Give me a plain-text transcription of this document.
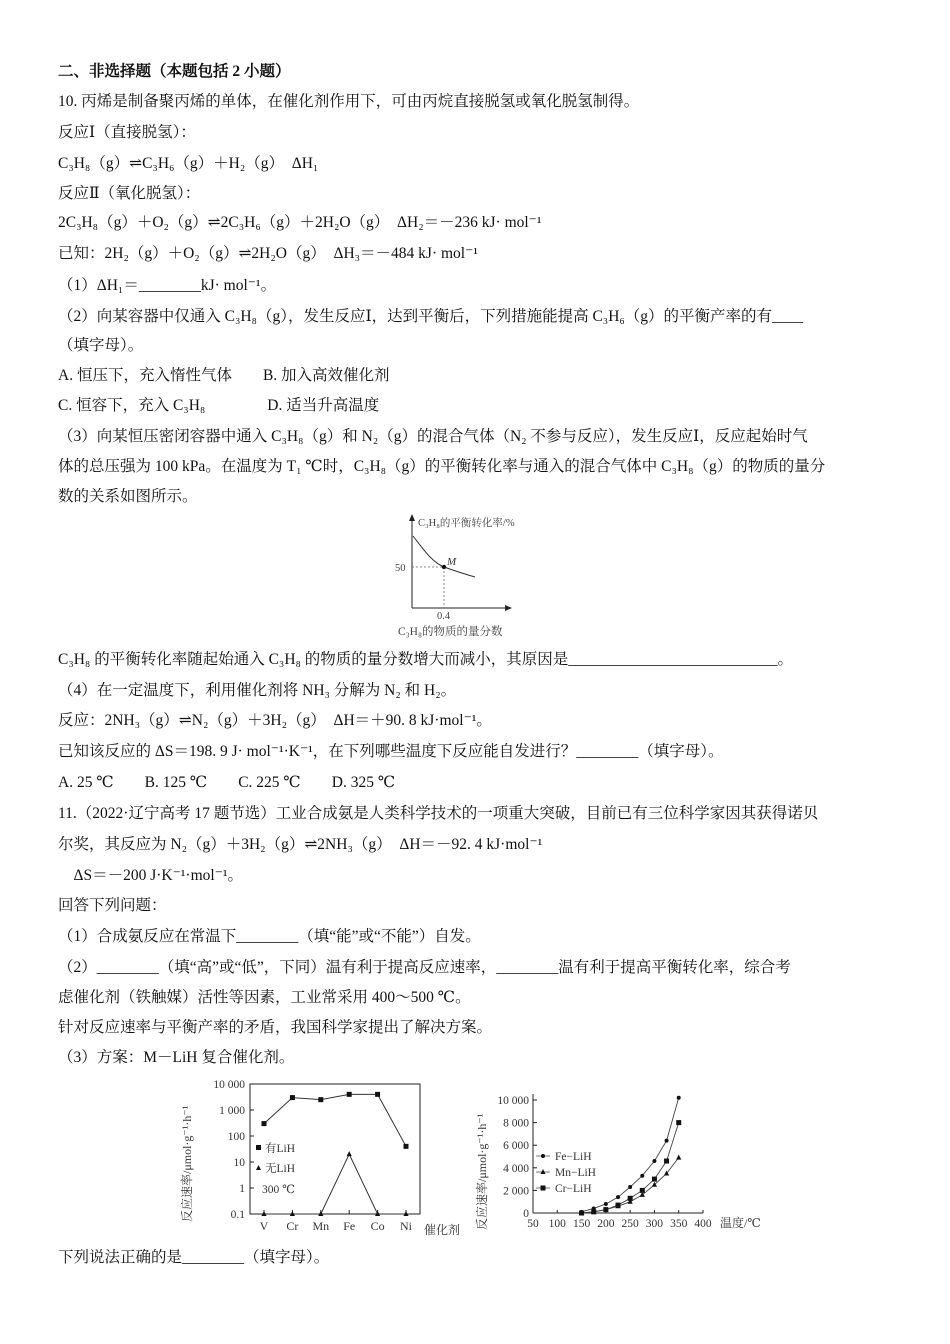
二、非选择题（本题包括 2 小题）
10. 丙烯是制备聚丙烯的单体，在催化剂作用下，可由丙烷直接脱氢或氧化脱氢制得。
反应Ⅰ（直接脱氢）：
C₃H₈（g）⇌C₃H₆（g）＋H₂（g）　ΔH₁
反应Ⅱ（氧化脱氢）：
2C₃H₈（g）＋O₂（g）⇌2C₃H₆（g）＋2H₂O（g）　ΔH₂＝－236 kJ· mol⁻¹
已知：2H₂（g）＋O₂（g）⇌2H₂O（g）　ΔH₃＝－484 kJ· mol⁻¹
（1）ΔH₁＝________kJ· mol⁻¹。
（2）向某容器中仅通入 C₃H₈（g），发生反应Ⅰ，达到平衡后，下列措施能提高 C₃H₆（g）的平衡产率的有____
（填字母）。
A. 恒压下，充入惰性气体　　B. 加入高效催化剂
C. 恒容下，充入 C₃H₈　　　　D. 适当升高温度
（3）向某恒压密闭容器中通入 C₃H₈（g）和 N₂（g）的混合气体（N₂ 不参与反应），发生反应Ⅰ，反应起始时气
体的总压强为 100 kPa。在温度为 T₁ ℃时，C₃H₈（g）的平衡转化率与通入的混合气体中 C₃H₈（g）的物质的量分
数的关系如图所示。
C₃H₈的平衡转化率/%
M
50
0.4
C₃H₈的物质的量分数
C₃H₈ 的平衡转化率随起始通入 C₃H₈ 的物质的量分数增大而减小，其原因是___________________________。
（4）在一定温度下，利用催化剂将 NH₃ 分解为 N₂ 和 H₂。
反应：2NH₃（g）⇌N₂（g）＋3H₂（g）　ΔH＝＋90. 8 kJ·mol⁻¹。
已知该反应的 ΔS＝198. 9 J· mol⁻¹·K⁻¹，在下列哪些温度下反应能自发进行？________（填字母）。
A. 25 ℃　　B. 125 ℃　　C. 225 ℃　　D. 325 ℃
11.（2022·辽宁高考 17 题节选）工业合成氨是人类科学技术的一项重大突破，目前已有三位科学家因其获得诺贝
尔奖，其反应为 N₂（g）＋3H₂（g）⇌2NH₃（g）　ΔH＝－92. 4 kJ·mol⁻¹
　ΔS＝－200 J·K⁻¹·mol⁻¹。
回答下列问题：
（1）合成氨反应在常温下________（填“能”或“不能”）自发。
（2）________（填“高”或“低”，下同）温有利于提高反应速率，________温有利于提高平衡转化率，综合考
虑催化剂（铁触媒）活性等因素，工业常采用 400～500 ℃。
针对反应速率与平衡产率的矛盾，我国科学家提出了解决方案。
（3）方案：M－LiH 复合催化剂。
10 000
1 000
100
10
1
0.1
V Cr Mn Fe Co Ni
反应速率/μmol·g⁻¹·h⁻¹
催化剂
有LiH
无LiH
300 ℃
10 000
8 000
6 000
4 000
2 000
0
50 100 150 200 250 300 350 400
反应速率/μmol·g⁻¹·h⁻¹	温度/℃
Fe−LiH
Mn−LiH
Cr−LiH
下列说法正确的是________（填字母）。
